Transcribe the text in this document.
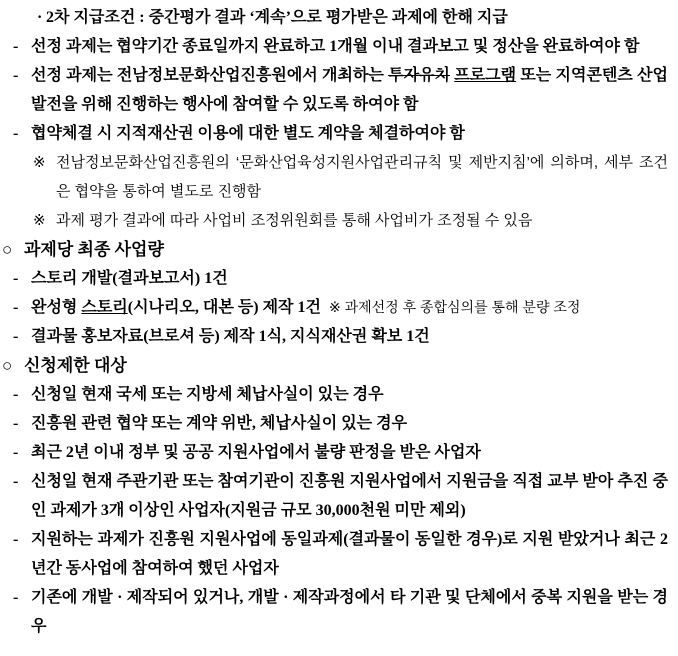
· 2차 지급조건 : 중간평가 결과 ‘계속’으로 평가받은 과제에 한해 지급
- 선정 과제는 협약기간 종료일까지 완료하고 1개월 이내 결과보고 및 정산을 완료하여야 함
- 선정 과제는 전남정보문화산업진흥원에서 개최하는 투자유치 프로그램 또는 지역콘텐츠 산업 발전을 위해 진행하는 행사에 참여할 수 있도록 하여야 함
- 협약체결 시 지적재산권 이용에 대한 별도 계약을 체결하여야 함
※ 전남정보문화산업진흥원의 ‘문화산업육성지원사업관리규칙 및 제반지침’에 의하며, 세부 조건은 협약을 통하여 별도로 진행함
※ 과제 평가 결과에 따라 사업비 조정위원회를 통해 사업비가 조정될 수 있음
○ 과제당 최종 사업량
- 스토리 개발(결과보고서) 1건
- 완성형 스토리(시나리오, 대본 등) 제작 1건 ※ 과제선정 후 종합심의를 통해 분량 조정
- 결과물 홍보자료(브로셔 등) 제작 1식, 지식재산권 확보 1건
○ 신청제한 대상
- 신청일 현재 국세 또는 지방세 체납사실이 있는 경우
- 진흥원 관련 협약 또는 계약 위반, 체납사실이 있는 경우
- 최근 2년 이내 정부 및 공공 지원사업에서 불량 판정을 받은 사업자
- 신청일 현재 주관기관 또는 참여기관이 진흥원 지원사업에서 지원금을 직접 교부 받아 추진 중인 과제가 3개 이상인 사업자(지원금 규모 30,000천원 미만 제외)
- 지원하는 과제가 진흥원 지원사업에 동일과제(결과물이 동일한 경우)로 지원 받았거나 최근 2년간 동사업에 참여하여 했던 사업자
- 기존에 개발 · 제작되어 있거나, 개발 · 제작과정에서 타 기관 및 단체에서 중복 지원을 받는 경우
